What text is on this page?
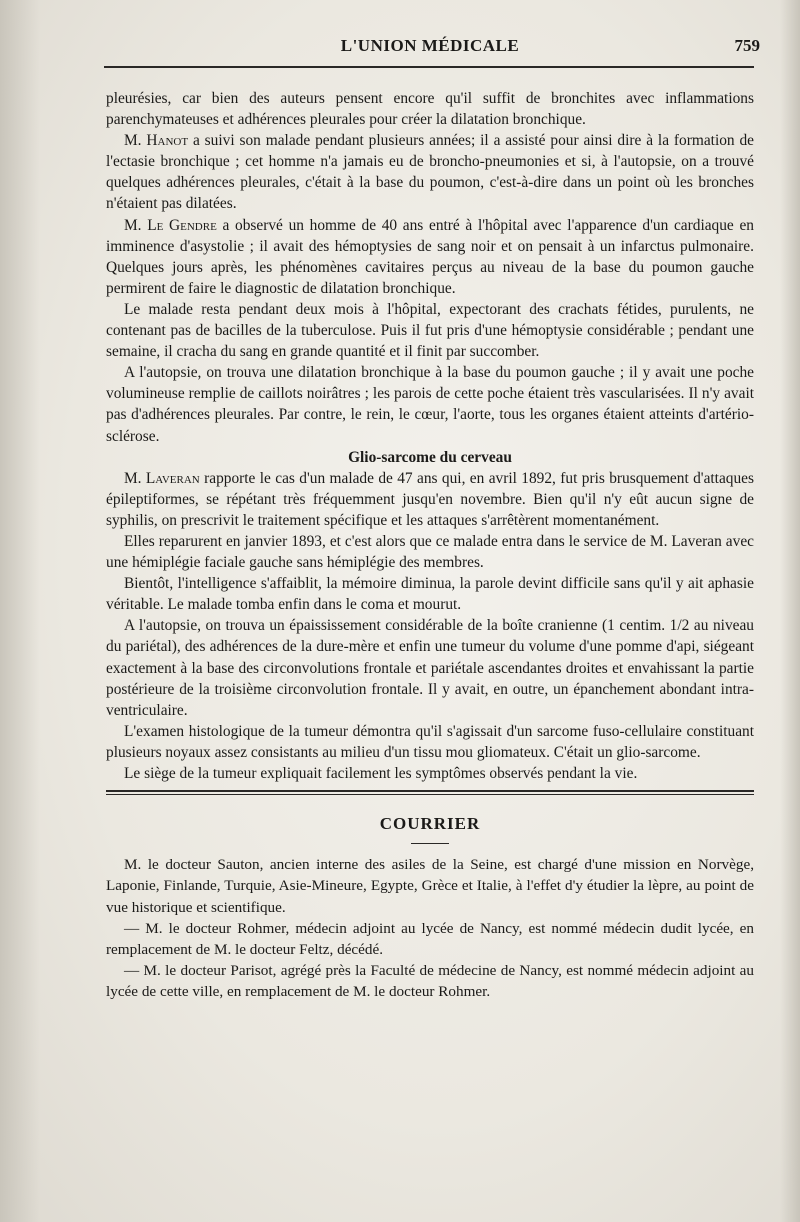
L'UNION MÉDICALE	759

pleurésies, car bien des auteurs pensent encore qu'il suffit de bronchites avec inflammations parenchymateuses et adhérences pleurales pour créer la dilatation bronchique.

M. Hanot a suivi son malade pendant plusieurs années; il a assisté pour ainsi dire à la formation de l'ectasie bronchique ; cet homme n'a jamais eu de broncho-pneumonies et si, à l'autopsie, on a trouvé quelques adhérences pleurales, c'était à la base du poumon, c'est-à-dire dans un point où les bronches n'étaient pas dilatées.

M. Le Gendre a observé un homme de 40 ans entré à l'hôpital avec l'apparence d'un cardiaque en imminence d'asystolie ; il avait des hémoptysies de sang noir et on pensait à un infarctus pulmonaire. Quelques jours après, les phénomènes cavitaires perçus au niveau de la base du poumon gauche permirent de faire le diagnostic de dilatation bronchique.

Le malade resta pendant deux mois à l'hôpital, expectorant des crachats fétides, purulents, ne contenant pas de bacilles de la tuberculose. Puis il fut pris d'une hémoptysie considérable ; pendant une semaine, il cracha du sang en grande quantité et il finit par succomber.

A l'autopsie, on trouva une dilatation bronchique à la base du poumon gauche ; il y avait une poche volumineuse remplie de caillots noirâtres ; les parois de cette poche étaient très vascularisées. Il n'y avait pas d'adhérences pleurales. Par contre, le rein, le cœur, l'aorte, tous les organes étaient atteints d'artério-sclérose.

Glio-sarcome du cerveau

M. Laveran rapporte le cas d'un malade de 47 ans qui, en avril 1892, fut pris brusquement d'attaques épileptiformes, se répétant très fréquemment jusqu'en novembre. Bien qu'il n'y eût aucun signe de syphilis, on prescrivit le traitement spécifique et les attaques s'arrêtèrent momentanément.

Elles reparurent en janvier 1893, et c'est alors que ce malade entra dans le service de M. Laveran avec une hémiplégie faciale gauche sans hémiplégie des membres.

Bientôt, l'intelligence s'affaiblit, la mémoire diminua, la parole devint difficile sans qu'il y ait aphasie véritable. Le malade tomba enfin dans le coma et mourut.

A l'autopsie, on trouva un épaississement considérable de la boîte cranienne (1 centim. 1/2 au niveau du pariétal), des adhérences de la dure-mère et enfin une tumeur du volume d'une pomme d'api, siégeant exactement à la base des circonvolutions frontale et pariétale ascendantes droites et envahissant la partie postérieure de la troisième circonvolution frontale. Il y avait, en outre, un épanchement abondant intra-ventriculaire.

L'examen histologique de la tumeur démontra qu'il s'agissait d'un sarcome fuso-cellulaire constituant plusieurs noyaux assez consistants au milieu d'un tissu mou gliomateux. C'était un glio-sarcome.

Le siège de la tumeur expliquait facilement les symptômes observés pendant la vie.

COURRIER

M. le docteur Sauton, ancien interne des asiles de la Seine, est chargé d'une mission en Norvège, Laponie, Finlande, Turquie, Asie-Mineure, Egypte, Grèce et Italie, à l'effet d'y étudier la lèpre, au point de vue historique et scientifique.

— M. le docteur Rohmer, médecin adjoint au lycée de Nancy, est nommé médecin dudit lycée, en remplacement de M. le docteur Feltz, décédé.

— M. le docteur Parisot, agrégé près la Faculté de médecine de Nancy, est nommé médecin adjoint au lycée de cette ville, en remplacement de M. le docteur Rohmer.
